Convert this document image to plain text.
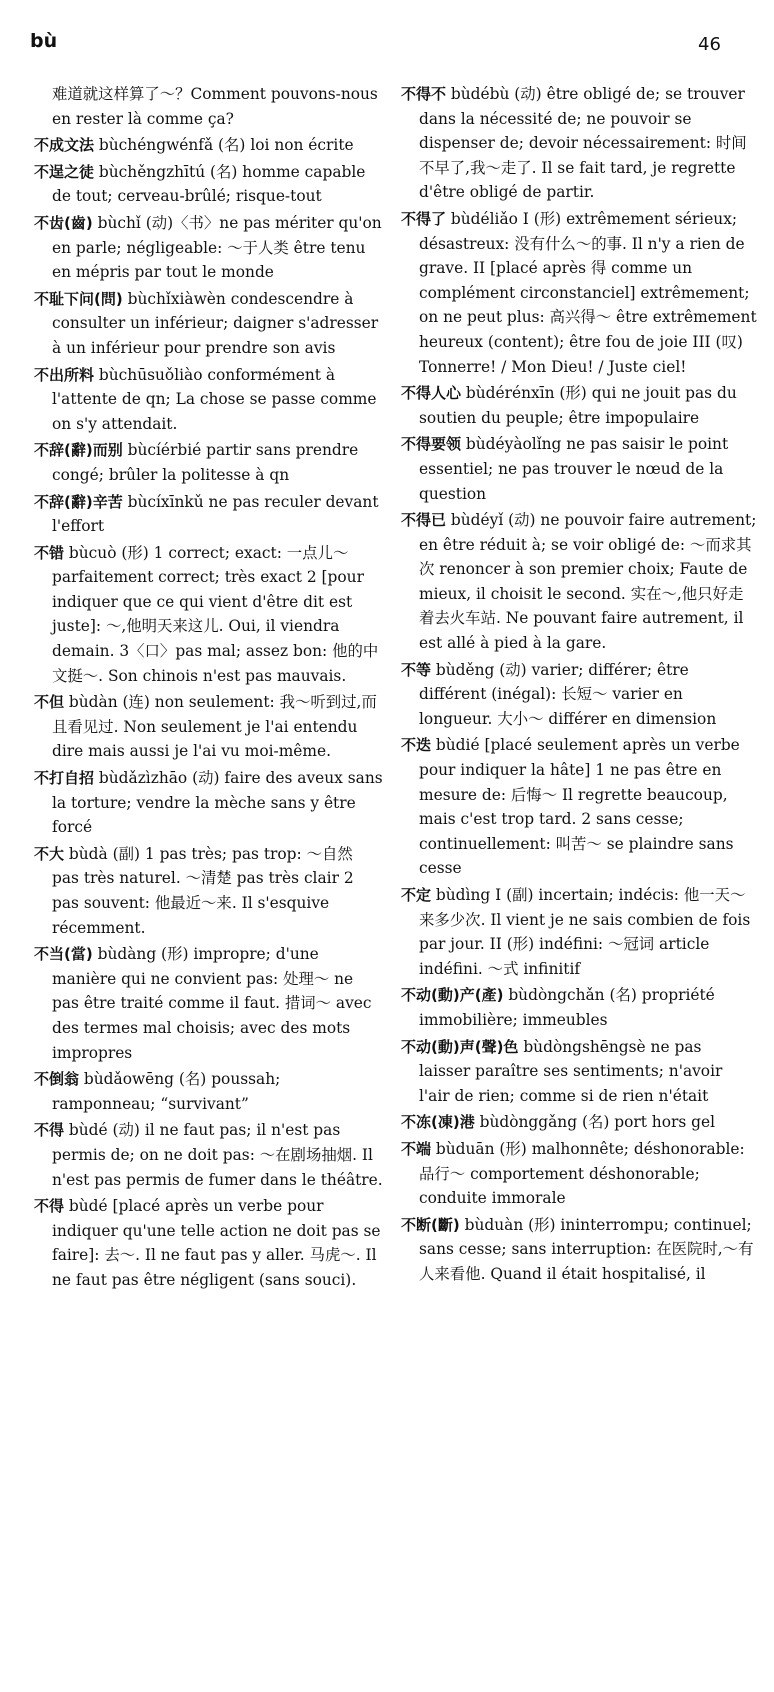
bù	46

难道就这样算了～？Comment pouvons-nous en rester là comme ça?

不成文法 bùchéngwénfǎ (名) loi non écrite

不逞之徒 bùchěngzhītú (名) homme capable de tout; cerveau-brûlé; risque-tout

不齿(齒) bùchǐ (动)〈书〉ne pas mériter qu'on en parle; négligeable: ～于人类 être tenu en mépris par tout le monde

不耻下问(問) bùchǐxiàwèn condescendre à consulter un inférieur; daigner s'adresser à un inférieur pour prendre son avis

不出所料 bùchūsuǒliào conformément à l'attente de qn; La chose se passe comme on s'y attendait.

不辞(辭)而别 bùcíérbié partir sans prendre congé; brûler la politesse à qn

不辞(辭)辛苦 bùcíxīnkǔ ne pas reculer devant l'effort

不错 bùcuò (形) 1 correct; exact: 一点儿～ parfaitement correct; très exact 2 [pour indiquer que ce qui vient d'être dit est juste]: ～,他明天来这儿. Oui, il viendra demain. 3〈口〉pas mal; assez bon: 他的中文挺～. Son chinois n'est pas mauvais.

不但 bùdàn (连) non seulement: 我～听到过,而且看见过. Non seulement je l'ai entendu dire mais aussi je l'ai vu moi-même.

不打自招 bùdǎzìzhāo (动) faire des aveux sans la torture; vendre la mèche sans y être forcé

不大 bùdà (副) 1 pas très; pas trop: ～自然 pas très naturel. ～清楚 pas très clair 2 pas souvent: 他最近～来. Il s'esquive récemment.

不当(當) bùdàng (形) impropre; d'une manière qui ne convient pas: 处理～ ne pas être traité comme il faut. 措词～ avec des termes mal choisis; avec des mots impropres

不倒翁 bùdǎowēng (名) poussah; ramponneau; “survivant”

不得 bùdé (动) il ne faut pas; il n'est pas permis de; on ne doit pas: ～在剧场抽烟. Il n'est pas permis de fumer dans le théâtre.

不得 bùdé [placé après un verbe pour indiquer qu'une telle action ne doit pas se faire]: 去～. Il ne faut pas y aller. 马虎～. Il ne faut pas être négligent (sans souci).

不得不 bùdébù (动) être obligé de; se trouver dans la nécessité de; ne pouvoir se dispenser de; devoir nécessairement: 时间不早了,我～走了. Il se fait tard, je regrette d'être obligé de partir.

不得了 bùdéliǎo I (形) extrêmement sérieux; désastreux: 没有什么～的事. Il n'y a rien de grave. II [placé après 得 comme un complément circonstanciel] extrêmement; on ne peut plus: 高兴得～ être extrêmement heureux (content); être fou de joie III (叹) Tonnerre! / Mon Dieu! / Juste ciel!

不得人心 bùdérénxīn (形) qui ne jouit pas du soutien du peuple; être impopulaire

不得要领 bùdéyàolǐng ne pas saisir le point essentiel; ne pas trouver le nœud de la question

不得已 bùdéyǐ (动) ne pouvoir faire autrement; en être réduit à; se voir obligé de: ～而求其次 renoncer à son premier choix; Faute de mieux, il choisit le second. 实在～,他只好走着去火车站. Ne pouvant faire autrement, il est allé à pied à la gare.

不等 bùděng (动) varier; différer; être différent (inégal): 长短～ varier en longueur. 大小～ différer en dimension

不迭 bùdié [placé seulement après un verbe pour indiquer la hâte] 1 ne pas être en mesure de: 后悔～ Il regrette beaucoup, mais c'est trop tard. 2 sans cesse; continuellement: 叫苦～ se plaindre sans cesse

不定 bùdìng I (副) incertain; indécis: 他一天～来多少次. Il vient je ne sais combien de fois par jour. II (形) indéfini: ～冠词 article indéfini. ～式 infinitif

不动(動)产(產) bùdòngchǎn (名) propriété immobilière; immeubles

不动(動)声(聲)色 bùdòngshēngsè ne pas laisser paraître ses sentiments; n'avoir l'air de rien; comme si de rien n'était

不冻(凍)港 bùdònggǎng (名) port hors gel

不端 bùduān (形) malhonnête; déshonorable: 品行～ comportement déshonorable; conduite immorale

不断(斷) bùduàn (形) ininterrompu; continuel; sans cesse; sans interruption: 在医院时,～有人来看他. Quand il était hospitalisé, il
